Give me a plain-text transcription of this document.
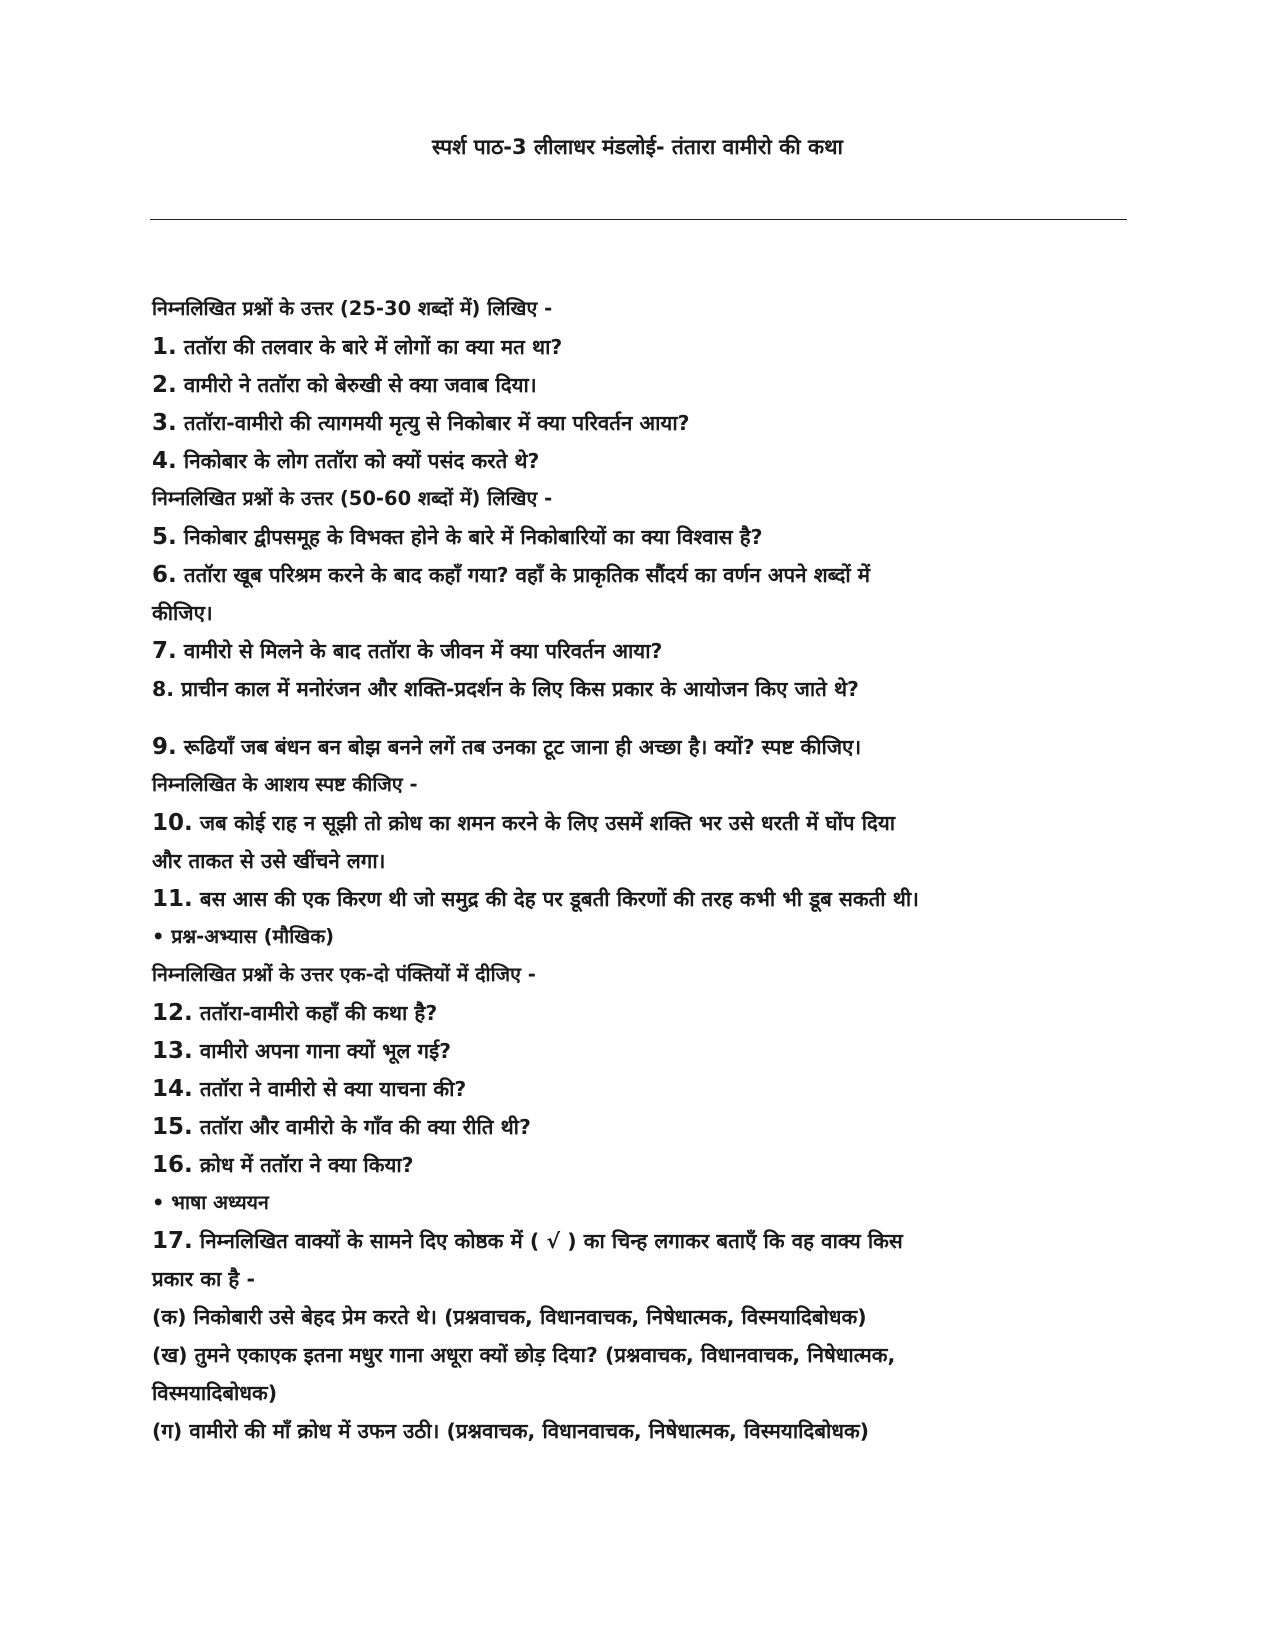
स्पर्श पाठ-3 लीलाधर मंडलोई- तंतारा वामीरो की कथा

निम्नलिखित प्रश्नों के उत्तर (25-30 शब्दों में) लिखिए -

1. ततॉरा की तलवार के बारे में लोगों का क्या मत था?

2. वामीरो ने ततॉरा को बेरुखी से क्या जवाब दिया।

3. ततॉरा-वामीरो की त्यागमयी मृत्यु से निकोबार में क्या परिवर्तन आया?

4. निकोबार के लोग ततॉरा को क्यों पसंद करते थे?

निम्नलिखित प्रश्नों के उत्तर (50-60 शब्दों में) लिखिए -

5. निकोबार द्वीपसमूह के विभक्त होने के बारे में निकोबारियों का क्या विश्वास है?

6. ततॉरा खूब परिश्रम करने के बाद कहाँ गया? वहाँ के प्राकृतिक सौंदर्य का वर्णन अपने शब्दों में

कीजिए।

7. वामीरो से मिलने के बाद ततॉरा के जीवन में क्या परिवर्तन आया?

8. प्राचीन काल में मनोरंजन और शक्ति-प्रदर्शन के लिए किस प्रकार के आयोजन किए जाते थे?

9. रूढियाँ जब बंधन बन बोझ बनने लगें तब उनका टूट जाना ही अच्छा है। क्यों? स्पष्ट कीजिए।

निम्नलिखित के आशय स्पष्ट कीजिए -

10. जब कोई राह न सूझी तो क्रोध का शमन करने के लिए उसमें शक्ति भर उसे धरती में घोंप दिया

और ताकत से उसे खींचने लगा।

11. बस आस की एक किरण थी जो समुद्र की देह पर डूबती किरणों की तरह कभी भी डूब सकती थी।

• प्रश्न-अभ्यास (मौखिक)

निम्नलिखित प्रश्नों के उत्तर एक-दो पंक्तियों में दीजिए -

12. ततॉरा-वामीरो कहाँ की कथा है?

13. वामीरो अपना गाना क्यों भूल गई?

14. ततॉरा ने वामीरो से क्या याचना की?

15. ततॉरा और वामीरो के गाँव की क्या रीति थी?

16. क्रोध में ततॉरा ने क्या किया?

• भाषा अध्ययन

17. निम्नलिखित वाक्यों के सामने दिए कोष्ठक में ( √ ) का चिन्ह लगाकर बताएँ कि वह वाक्य किस

प्रकार का है -

(क) निकोबारी उसे बेहद प्रेम करते थे। (प्रश्नवाचक, विधानवाचक, निषेधात्मक, विस्मयादिबोधक)

(ख) तुमने एकाएक इतना मधुर गाना अधूरा क्यों छोड़ दिया? (प्रश्नवाचक, विधानवाचक, निषेधात्मक,

विस्मयादिबोधक)

(ग) वामीरो की माँ क्रोध में उफन उठी। (प्रश्नवाचक, विधानवाचक, निषेधात्मक, विस्मयादिबोधक)
